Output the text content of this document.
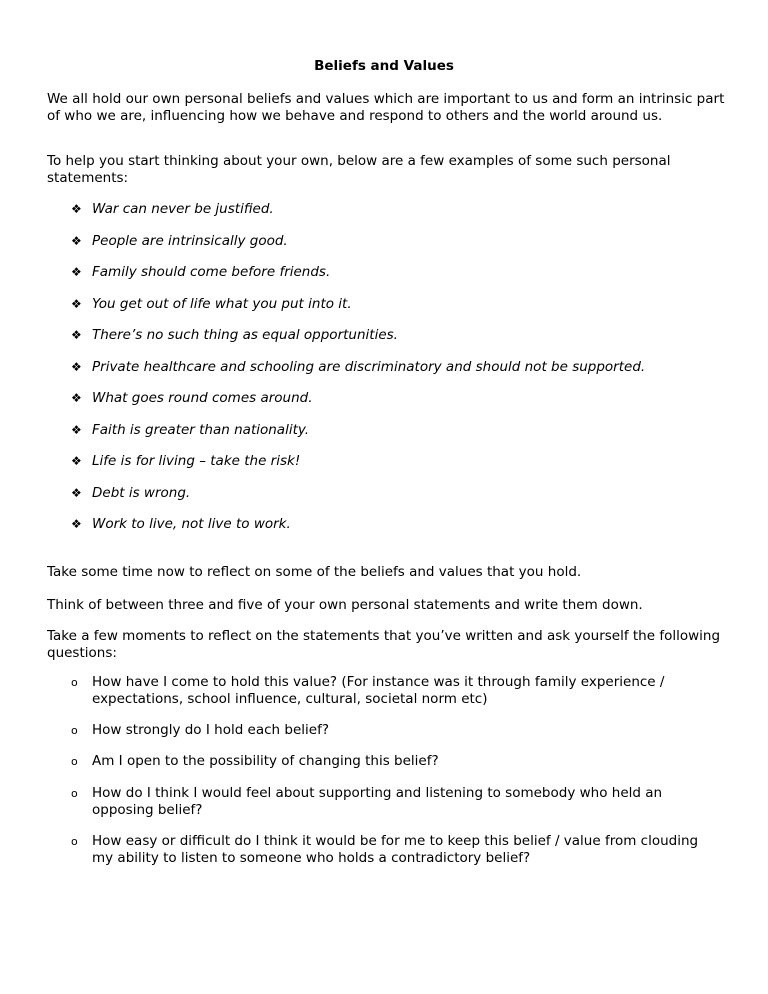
Beliefs and Values
We all hold our own personal beliefs and values which are important to us and form an intrinsic part of who we are, influencing how we behave and respond to others and the world around us.
To help you start thinking about your own, below are a few examples of some such personal statements:
❖ War can never be justified.
❖ People are intrinsically good.
❖ Family should come before friends.
❖ You get out of life what you put into it.
❖ There’s no such thing as equal opportunities.
❖ Private healthcare and schooling are discriminatory and should not be supported.
❖ What goes round comes around.
❖ Faith is greater than nationality.
❖ Life is for living – take the risk!
❖ Debt is wrong.
❖ Work to live, not live to work.
Take some time now to reflect on some of the beliefs and values that you hold.
Think of between three and five of your own personal statements and write them down.
Take a few moments to reflect on the statements that you’ve written and ask yourself the following questions:
o How have I come to hold this value? (For instance was it through family experience / expectations, school influence, cultural, societal norm etc)
o How strongly do I hold each belief?
o Am I open to the possibility of changing this belief?
o How do I think I would feel about supporting and listening to somebody who held an opposing belief?
o How easy or difficult do I think it would be for me to keep this belief / value from clouding my ability to listen to someone who holds a contradictory belief?
